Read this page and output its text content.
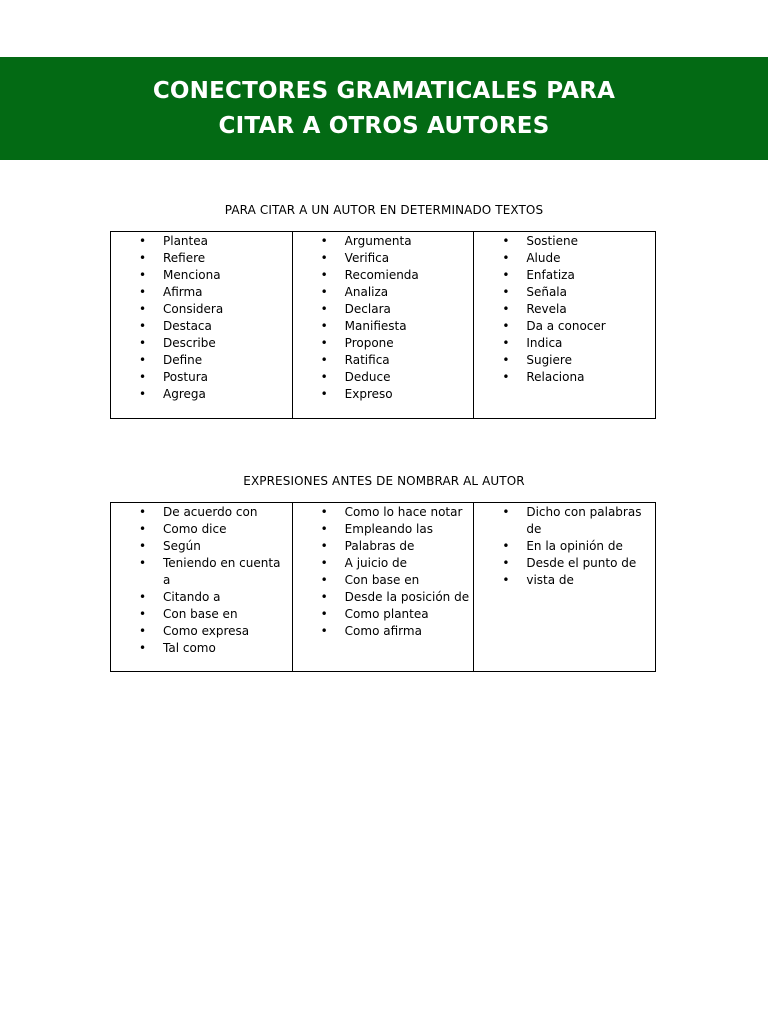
CONECTORES GRAMATICALES PARA
CITAR A OTROS AUTORES
PARA CITAR A UN AUTOR EN DETERMINADO TEXTOS
• Plantea
• Refiere
• Menciona
• Afirma
• Considera
• Destaca
• Describe
• Define
• Postura
• Agrega
• Argumenta
• Verifica
• Recomienda
• Analiza
• Declara
• Manifiesta
• Propone
• Ratifica
• Deduce
• Expreso
• Sostiene
• Alude
• Enfatiza
• Señala
• Revela
• Da a conocer
• Indica
• Sugiere
• Relaciona
EXPRESIONES ANTES DE NOMBRAR AL AUTOR
• De acuerdo con
• Como dice
• Según
• Teniendo en cuenta a
• Citando a
• Con base en
• Como expresa
• Tal como
• Como lo hace notar
• Empleando las
• Palabras de
• A juicio de
• Con base en
• Desde la posición de
• Como plantea
• Como afirma
• Dicho con palabras de
• En la opinión de
• Desde el punto de
• vista de
